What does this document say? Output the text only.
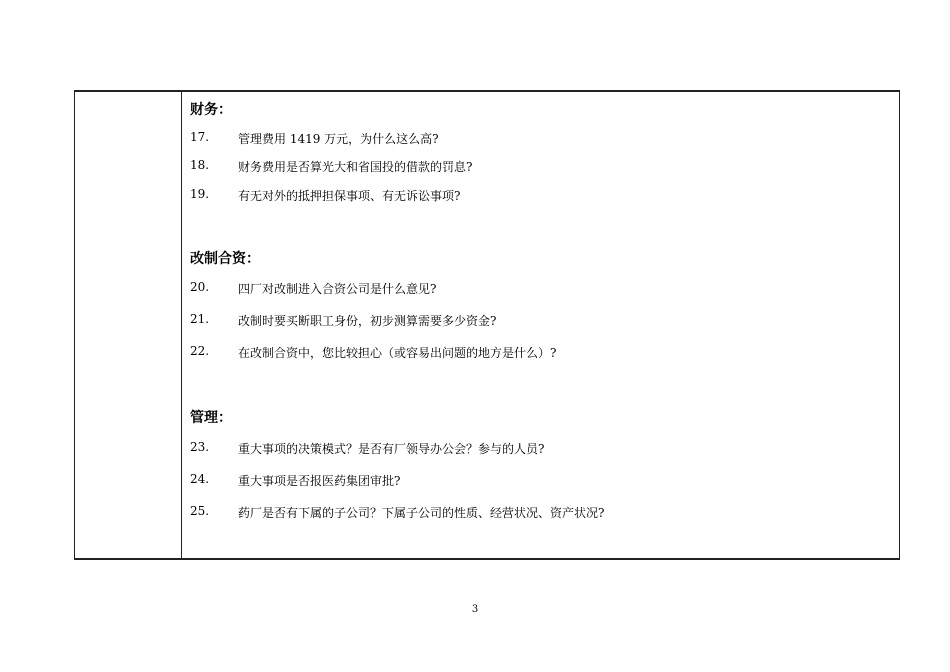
财务：
17. 管理费用 1419 万元，为什么这么高?
18. 财务费用是否算光大和省国投的借款的罚息?
19. 有无对外的抵押担保事项、有无诉讼事项?
改制合资：
20. 四厂对改制进入合资公司是什么意见?
21. 改制时要买断职工身份，初步测算需要多少资金?
22. 在改制合资中，您比较担心（或容易出问题的地方是什么）?
管理：
23. 重大事项的决策模式？是否有厂领导办公会？参与的人员?
24. 重大事项是否报医药集团审批?
25. 药厂是否有下属的子公司？下属子公司的性质、经营状况、资产状况?
3
